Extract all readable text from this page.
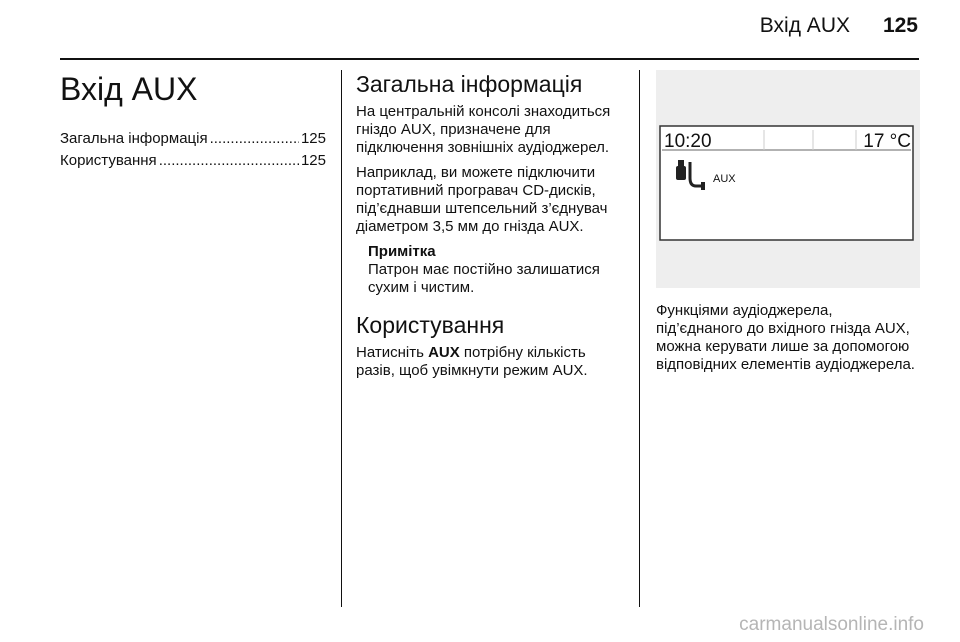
Вхід AUX	125
Вхід AUX
Загальна інформація .....	125
Користування .....	125
Загальна інформація

На центральній консолі знаходиться гніздо AUX, призначене для підключення зовнішніх аудіоджерел.

Наприклад, ви можете підключити портативний програвач CD-дисків, під’єднавши штепсельний з’єднувач діаметром 3,5 мм до гнізда AUX.

Примітка
Патрон має постійно залишатися сухим і чистим.
Користування

Натисніть AUX потрібну кількість разів, щоб увімкнути режим AUX.

10:20	17 °C
AUX

Функціями аудіоджерела, під’єднаного до вхідного гнізда AUX, можна керувати лише за допомогою відповідних елементів аудіоджерела.

carmanualsonline.info
